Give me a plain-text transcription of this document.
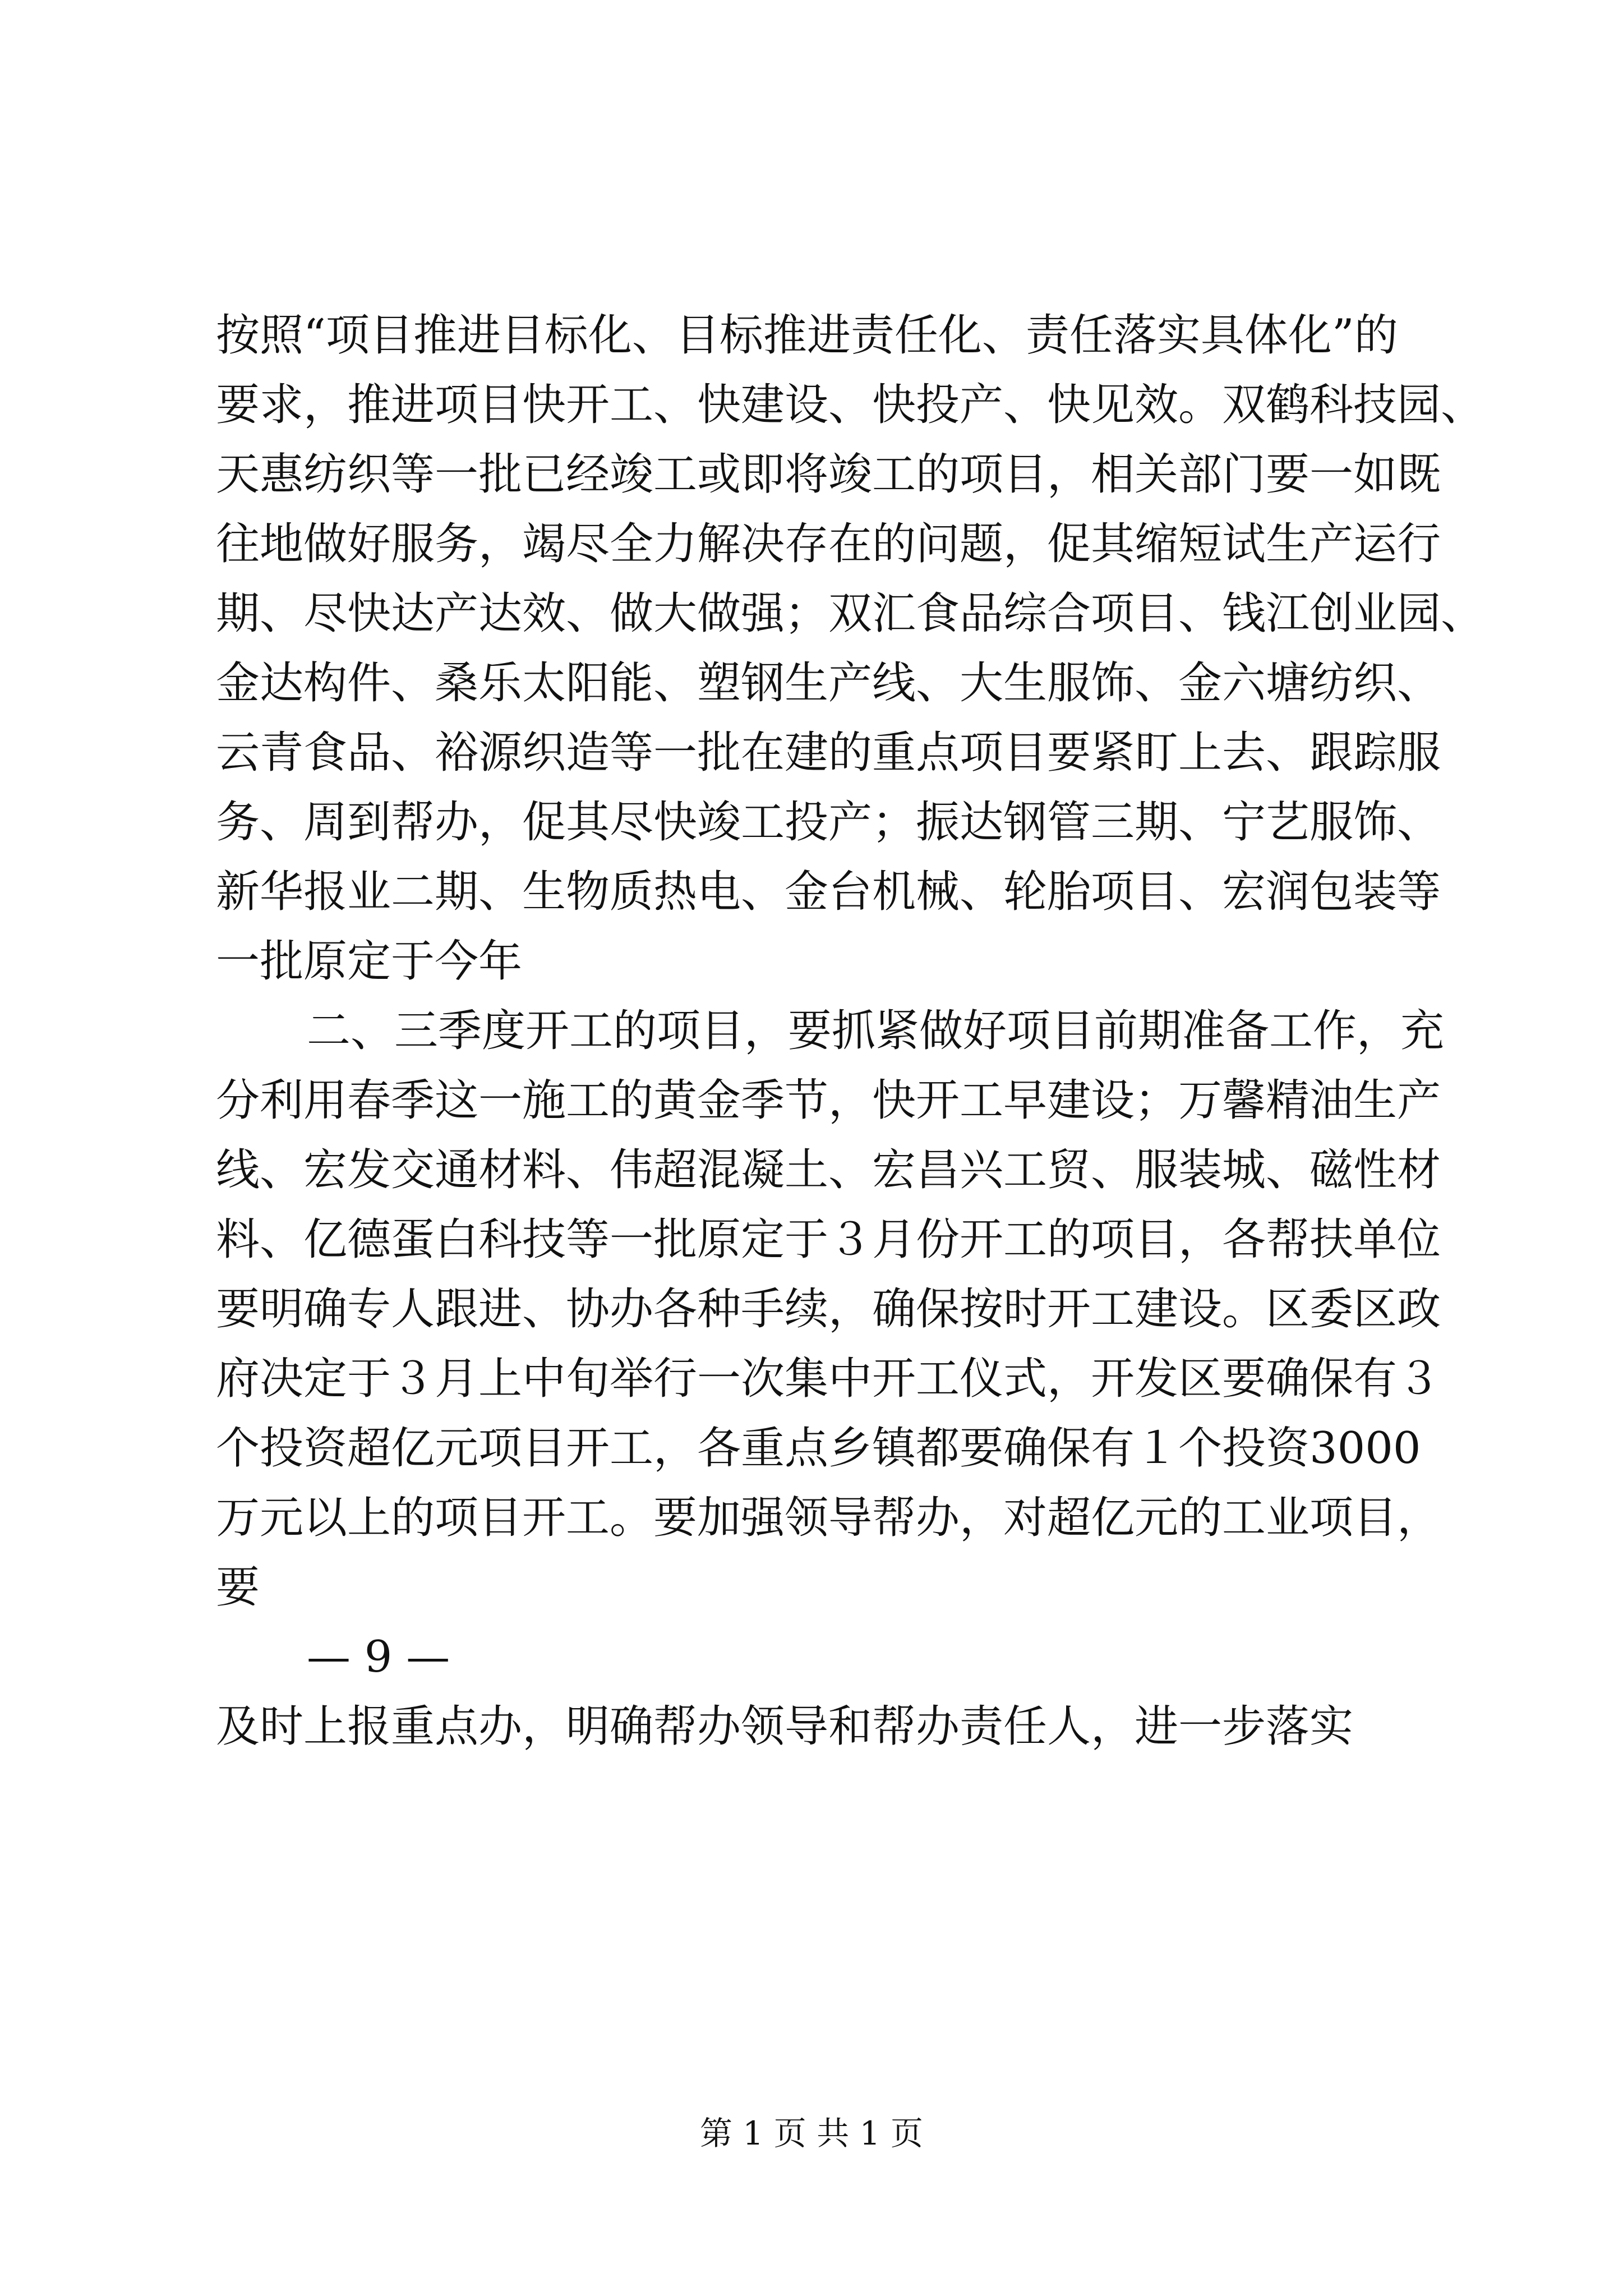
按照“项目推进目标化、目标推进责任化、责任落实具体化”的
要求，推进项目快开工、快建设、快投产、快见效。双鹤科技园、
天惠纺织等一批已经竣工或即将竣工的项目，相关部门要一如既
往地做好服务，竭尽全力解决存在的问题，促其缩短试生产运行
期、尽快达产达效、做大做强；双汇食品综合项目、钱江创业园、
金达构件、桑乐太阳能、塑钢生产线、大生服饰、金六塘纺织、
云青食品、裕源织造等一批在建的重点项目要紧盯上去、跟踪服
务、周到帮办，促其尽快竣工投产；振达钢管三期、宁艺服饰、
新华报业二期、生物质热电、金台机械、轮胎项目、宏润包装等
一批原定于今年
二、三季度开工的项目，要抓紧做好项目前期准备工作，充
分利用春季这一施工的黄金季节，快开工早建设；万馨精油生产
线、宏发交通材料、伟超混凝土、宏昌兴工贸、服装城、磁性材
料、亿德蛋白科技等一批原定于３月份开工的项目，各帮扶单位
要明确专人跟进、协办各种手续，确保按时开工建设。区委区政
府决定于３月上中旬举行一次集中开工仪式，开发区要确保有３
个投资超亿元项目开工，各重点乡镇都要确保有１个投资3000
万元以上的项目开工。要加强领导帮办，对超亿元的工业项目，
要
— 9 —
及时上报重点办，明确帮办领导和帮办责任人，进一步落实
第 1 页 共 1 页
